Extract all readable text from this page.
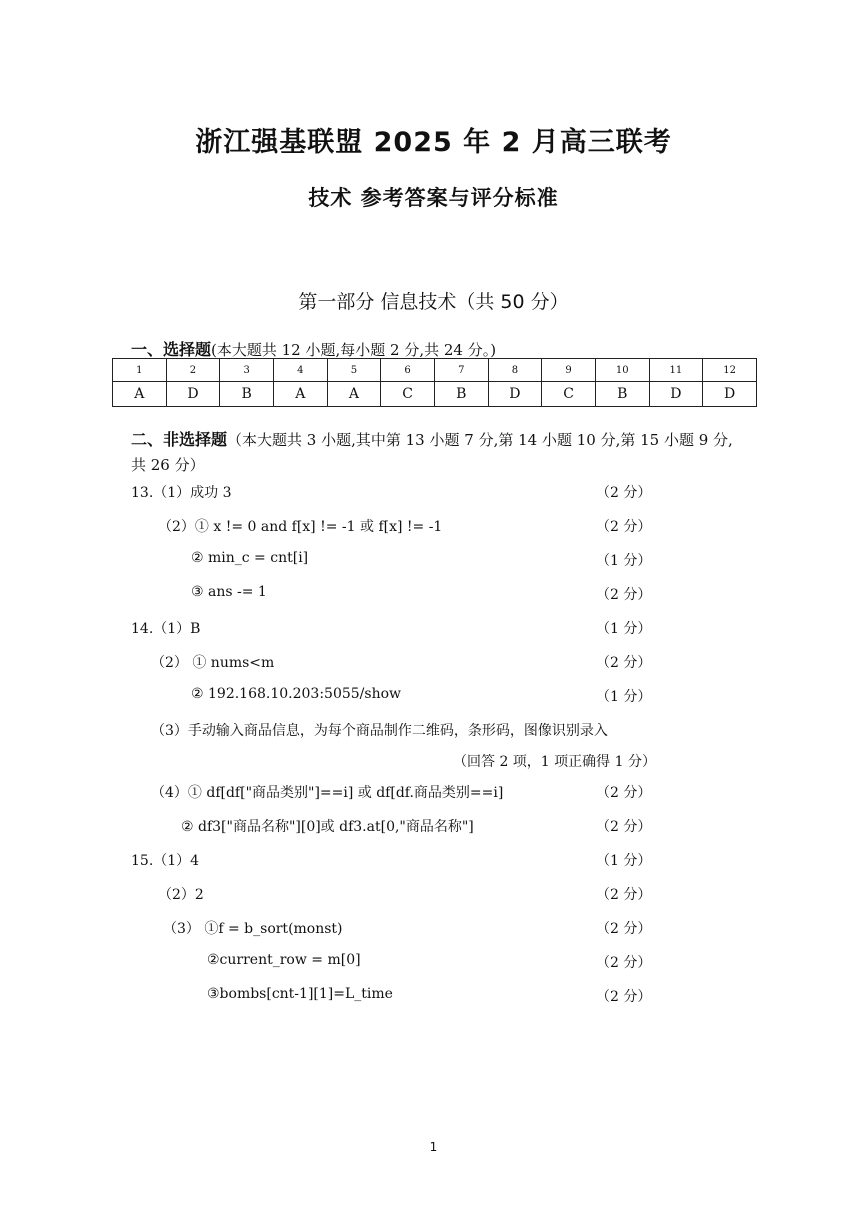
浙江强基联盟 2025 年 2 月高三联考
技术 参考答案与评分标准
第一部分 信息技术（共 50 分）
一、选择题(本大题共 12 小题,每小题 2 分,共 24 分。)
1	2	3	4	5	6	7	8	9	10	11	12
A	D	B	A	A	C	B	D	C	B	D	D
二、非选择题（本大题共 3 小题,其中第 13 小题 7 分,第 14 小题 10 分,第 15 小题 9 分,
共 26 分）
13.（1）成功 3	（2 分）
（2）① x != 0 and f[x] != -1 或 f[x] != -1	（2 分）
② min_c = cnt[i]	（1 分）
③ ans -= 1	（2 分）
14.（1）B	（1 分）
（2） ① nums<m	（2 分）
② 192.168.10.203:5055/show	（1 分）
（3）手动输入商品信息，为每个商品制作二维码，条形码，图像识别录入
（回答 2 项，1 项正确得 1 分）
（4）① df[df["商品类别"]==i] 或 df[df.商品类别==i]	（2 分）
② df3["商品名称"][0]或 df3.at[0,"商品名称"]	（2 分）
15.（1）4	（1 分）
（2）2	（2 分）
（3） ①f = b_sort(monst)	（2 分）
②current_row = m[0]	（2 分）
③bombs[cnt-1][1]=L_time	（2 分）
1
